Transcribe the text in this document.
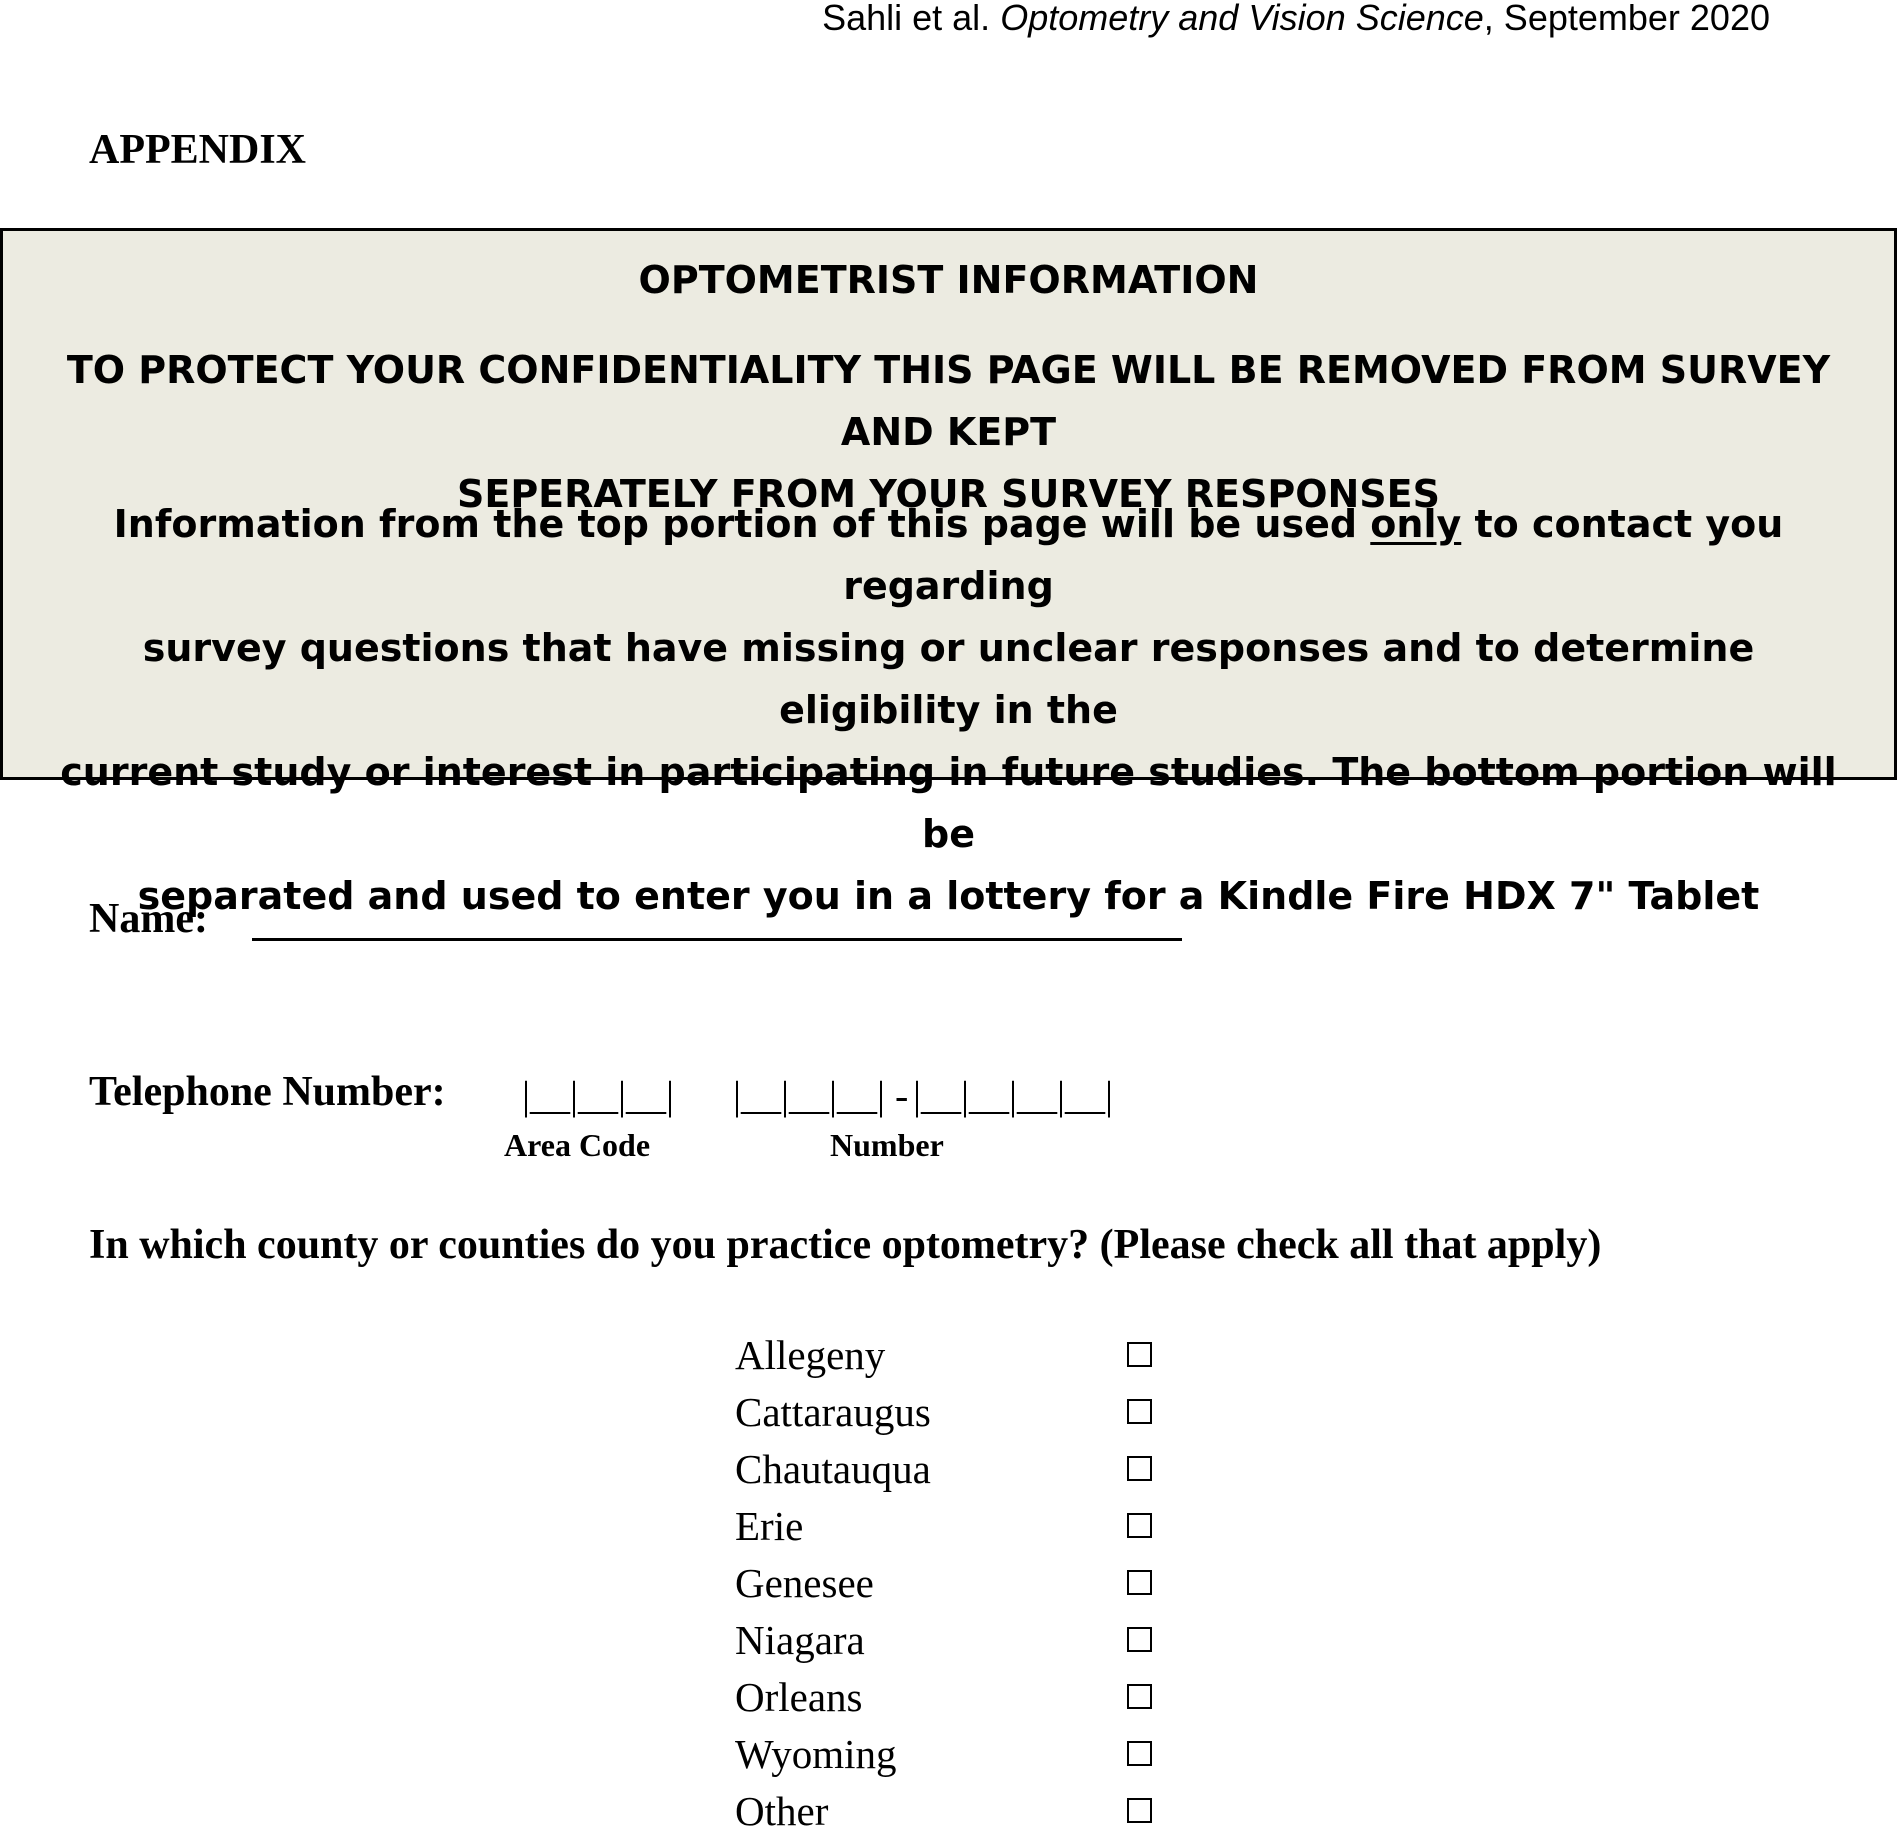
Sahli et al. Optometry and Vision Science, September 2020
APPENDIX
OPTOMETRIST INFORMATION
TO PROTECT YOUR CONFIDENTIALITY THIS PAGE WILL BE REMOVED FROM SURVEY AND KEPT
SEPERATELY FROM YOUR SURVEY RESPONSES
Information from the top portion of this page will be used only to contact you regarding
survey questions that have missing or unclear responses and to determine eligibility in the
current study or interest in participating in future studies. The bottom portion will be
separated and used to enter you in a lottery for a Kindle Fire HDX 7" Tablet
Name:
Telephone Number: |__|__|__| |__|__|__| - |__|__|__|__|
Area Code	Number
In which county or counties do you practice optometry? (Please check all that apply)
Allegeny
Cattaraugus
Chautauqua
Erie
Genesee
Niagara
Orleans
Wyoming
Other
